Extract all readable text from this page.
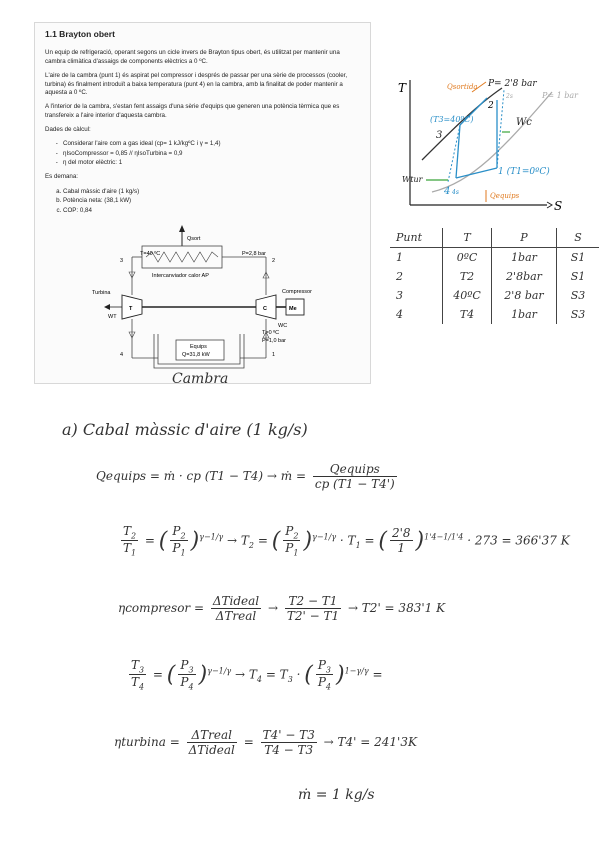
1.1 Brayton obert

Un equip de refrigeració, operant segons un cicle invers de Brayton tipus obert, és utilitzat per mantenir una cambra climàtica d'assaigs de components elèctrics a 0 ºC.

L'aire de la cambra (punt 1) és aspirat pel compressor i després de passar per una sèrie de processos (cooler, turbina) és finalment introduït a baixa temperatura (punt 4) en la cambra, amb la finalitat de poder mantenir a aquesta a 0 ºC.

A l'interior de la cambra, s'estan fent assaigs d'una sèrie d'equips que generen una potència tèrmica que es transfereix a l'aire interior d'aquesta cambra.

Dades de càlcul:

- Considerar l'aire com a gas ideal (cp= 1 kJ/kgºC i γ = 1,4)
- ηIsoCompressor = 0,85 // ηIsoTurbina = 0,9
- η del motor elèctric: 1

Es demana:

a. Cabal màssic d'aire (1 kg/s)
b. Potència neta: (38,1 kW)
c. COP: 0,84
Qsort
Intercanviador calor AP
3	2
T=40 ºC	P=2,8 bar
T
Turbina
C
Compressor
Me
WT
WC
T=0 ºC
P=1,0 bar
4	1
Equips
Q=31,8 kW
Cambra
T
S
P= 2'8 bar
P= 1 bar
Qsortida
(T3=40ºC)
3
2
2s
Wc
Wtur
1 (T1=0ºC)
4 4s	Qequips
Punt	T	P	S
1	0ºC	1bar	S1
2	T2	2'8bar	S1
3	40ºC	2'8 bar	S3
4	T4	1bar	S3
a) Cabal màssic d'aire (1 kg/s)
Qequips = ṁ · cp (T1 − T4) → ṁ = $\frac{\text{Qequips}}{cp (T1 - T4')}$
$\frac{T_2}{T_1}$ = ( $\frac{P_2}{P_1} )^{\gamma-1/\gamma} \to T_2$ = ( $\frac{P_2}{P_1} )^{\gamma-1/\gamma} \cdot T_1$ = ( $\frac{2'8}{1} )^{1'4-1/1'4} \cdot 273 = 366'37$ K
ηcompresor = $\frac{\text{ΔTideal}}{\text{ΔTreal}} \to \frac{T2 - T1}{T2' - T1} \to T2' = 383'1$ K
$\frac{T_3}{T_4}$ = ( $\frac{P_3}{P_4} )^{\gamma-1/\gamma} \to T_4 = T_3$ · ( $\frac{P_3}{P_4} )^{1-\gamma/\gamma}$ =
ηturbina = $\frac{\text{ΔTreal}}{\text{ΔTideal}} = \frac{T4' - T3}{T4 - T3} \to T4' = 241'3K$
ṁ = 1 kg/s
